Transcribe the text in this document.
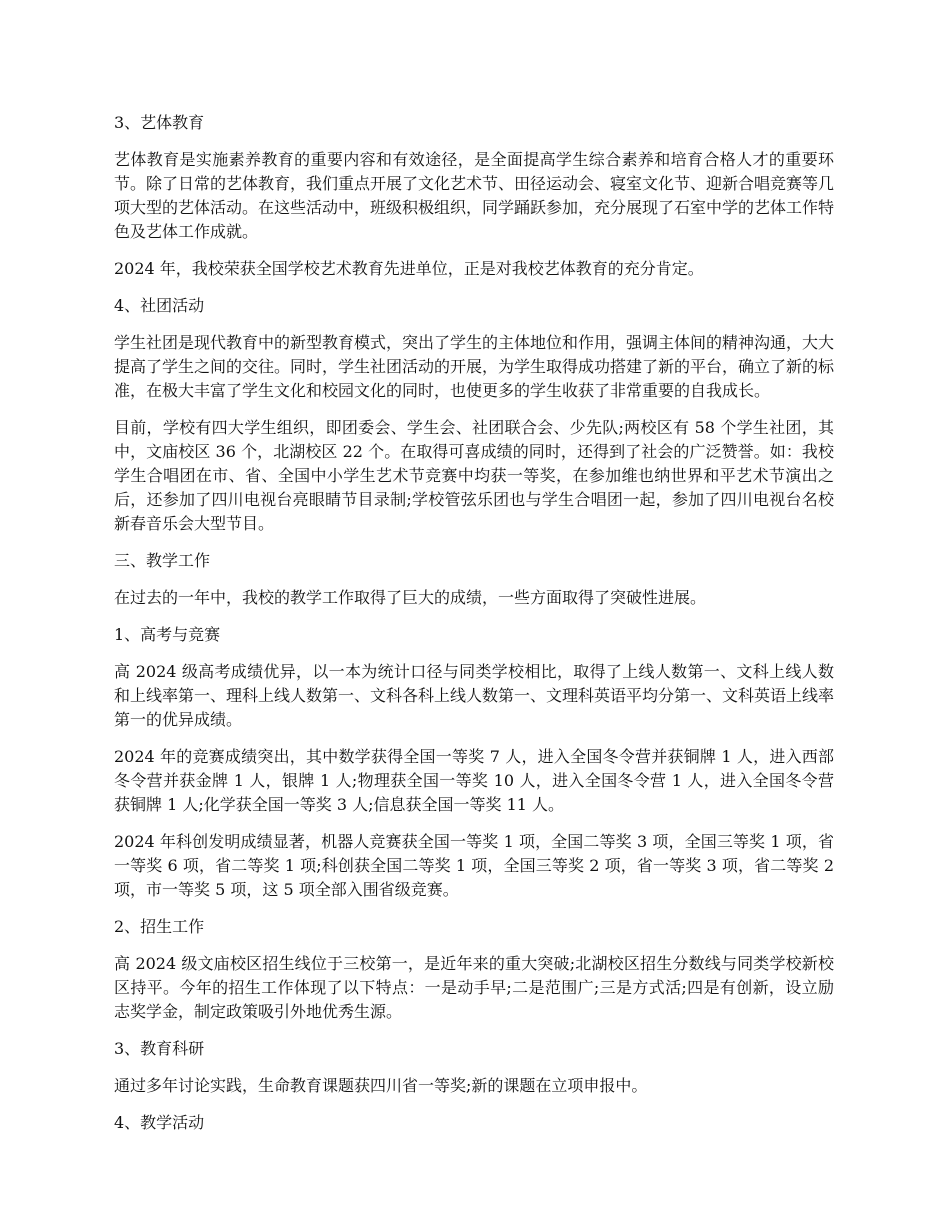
3、艺体教育

艺体教育是实施素养教育的重要内容和有效途径，是全面提高学生综合素养和培育合格人才的重要环节。除了日常的艺体教育，我们重点开展了文化艺术节、田径运动会、寝室文化节、迎新合唱竞赛等几项大型的艺体活动。在这些活动中，班级积极组织，同学踊跃参加，充分展现了石室中学的艺体工作特色及艺体工作成就。

2024 年，我校荣获全国学校艺术教育先进单位，正是对我校艺体教育的充分肯定。

4、社团活动

学生社团是现代教育中的新型教育模式，突出了学生的主体地位和作用，强调主体间的精神沟通，大大提高了学生之间的交往。同时，学生社团活动的开展，为学生取得成功搭建了新的平台，确立了新的标准，在极大丰富了学生文化和校园文化的同时，也使更多的学生收获了非常重要的自我成长。

目前，学校有四大学生组织，即团委会、学生会、社团联合会、少先队;两校区有 58 个学生社团，其中，文庙校区 36 个，北湖校区 22 个。在取得可喜成绩的同时，还得到了社会的广泛赞誉。如：我校学生合唱团在市、省、全国中小学生艺术节竞赛中均获一等奖，在参加维也纳世界和平艺术节演出之后，还参加了四川电视台亮眼睛节目录制;学校管弦乐团也与学生合唱团一起，参加了四川电视台名校新春音乐会大型节目。

三、教学工作

在过去的一年中，我校的教学工作取得了巨大的成绩，一些方面取得了突破性进展。

1、高考与竞赛

高 2024 级高考成绩优异，以一本为统计口径与同类学校相比，取得了上线人数第一、文科上线人数和上线率第一、理科上线人数第一、文科各科上线人数第一、文理科英语平均分第一、文科英语上线率第一的优异成绩。

2024 年的竞赛成绩突出，其中数学获得全国一等奖 7 人，进入全国冬令营并获铜牌 1 人，进入西部冬令营并获金牌 1 人，银牌 1 人;物理获全国一等奖 10 人，进入全国冬令营 1 人，进入全国冬令营获铜牌 1 人;化学获全国一等奖 3 人;信息获全国一等奖 11 人。

2024 年科创发明成绩显著，机器人竞赛获全国一等奖 1 项，全国二等奖 3 项，全国三等奖 1 项，省一等奖 6 项，省二等奖 1 项;科创获全国二等奖 1 项，全国三等奖 2 项，省一等奖 3 项，省二等奖 2 项，市一等奖 5 项，这 5 项全部入围省级竞赛。

2、招生工作

高 2024 级文庙校区招生线位于三校第一，是近年来的重大突破;北湖校区招生分数线与同类学校新校区持平。今年的招生工作体现了以下特点：一是动手早;二是范围广;三是方式活;四是有创新，设立励志奖学金，制定政策吸引外地优秀生源。

3、教育科研

通过多年讨论实践，生命教育课题获四川省一等奖;新的课题在立项申报中。

4、教学活动
